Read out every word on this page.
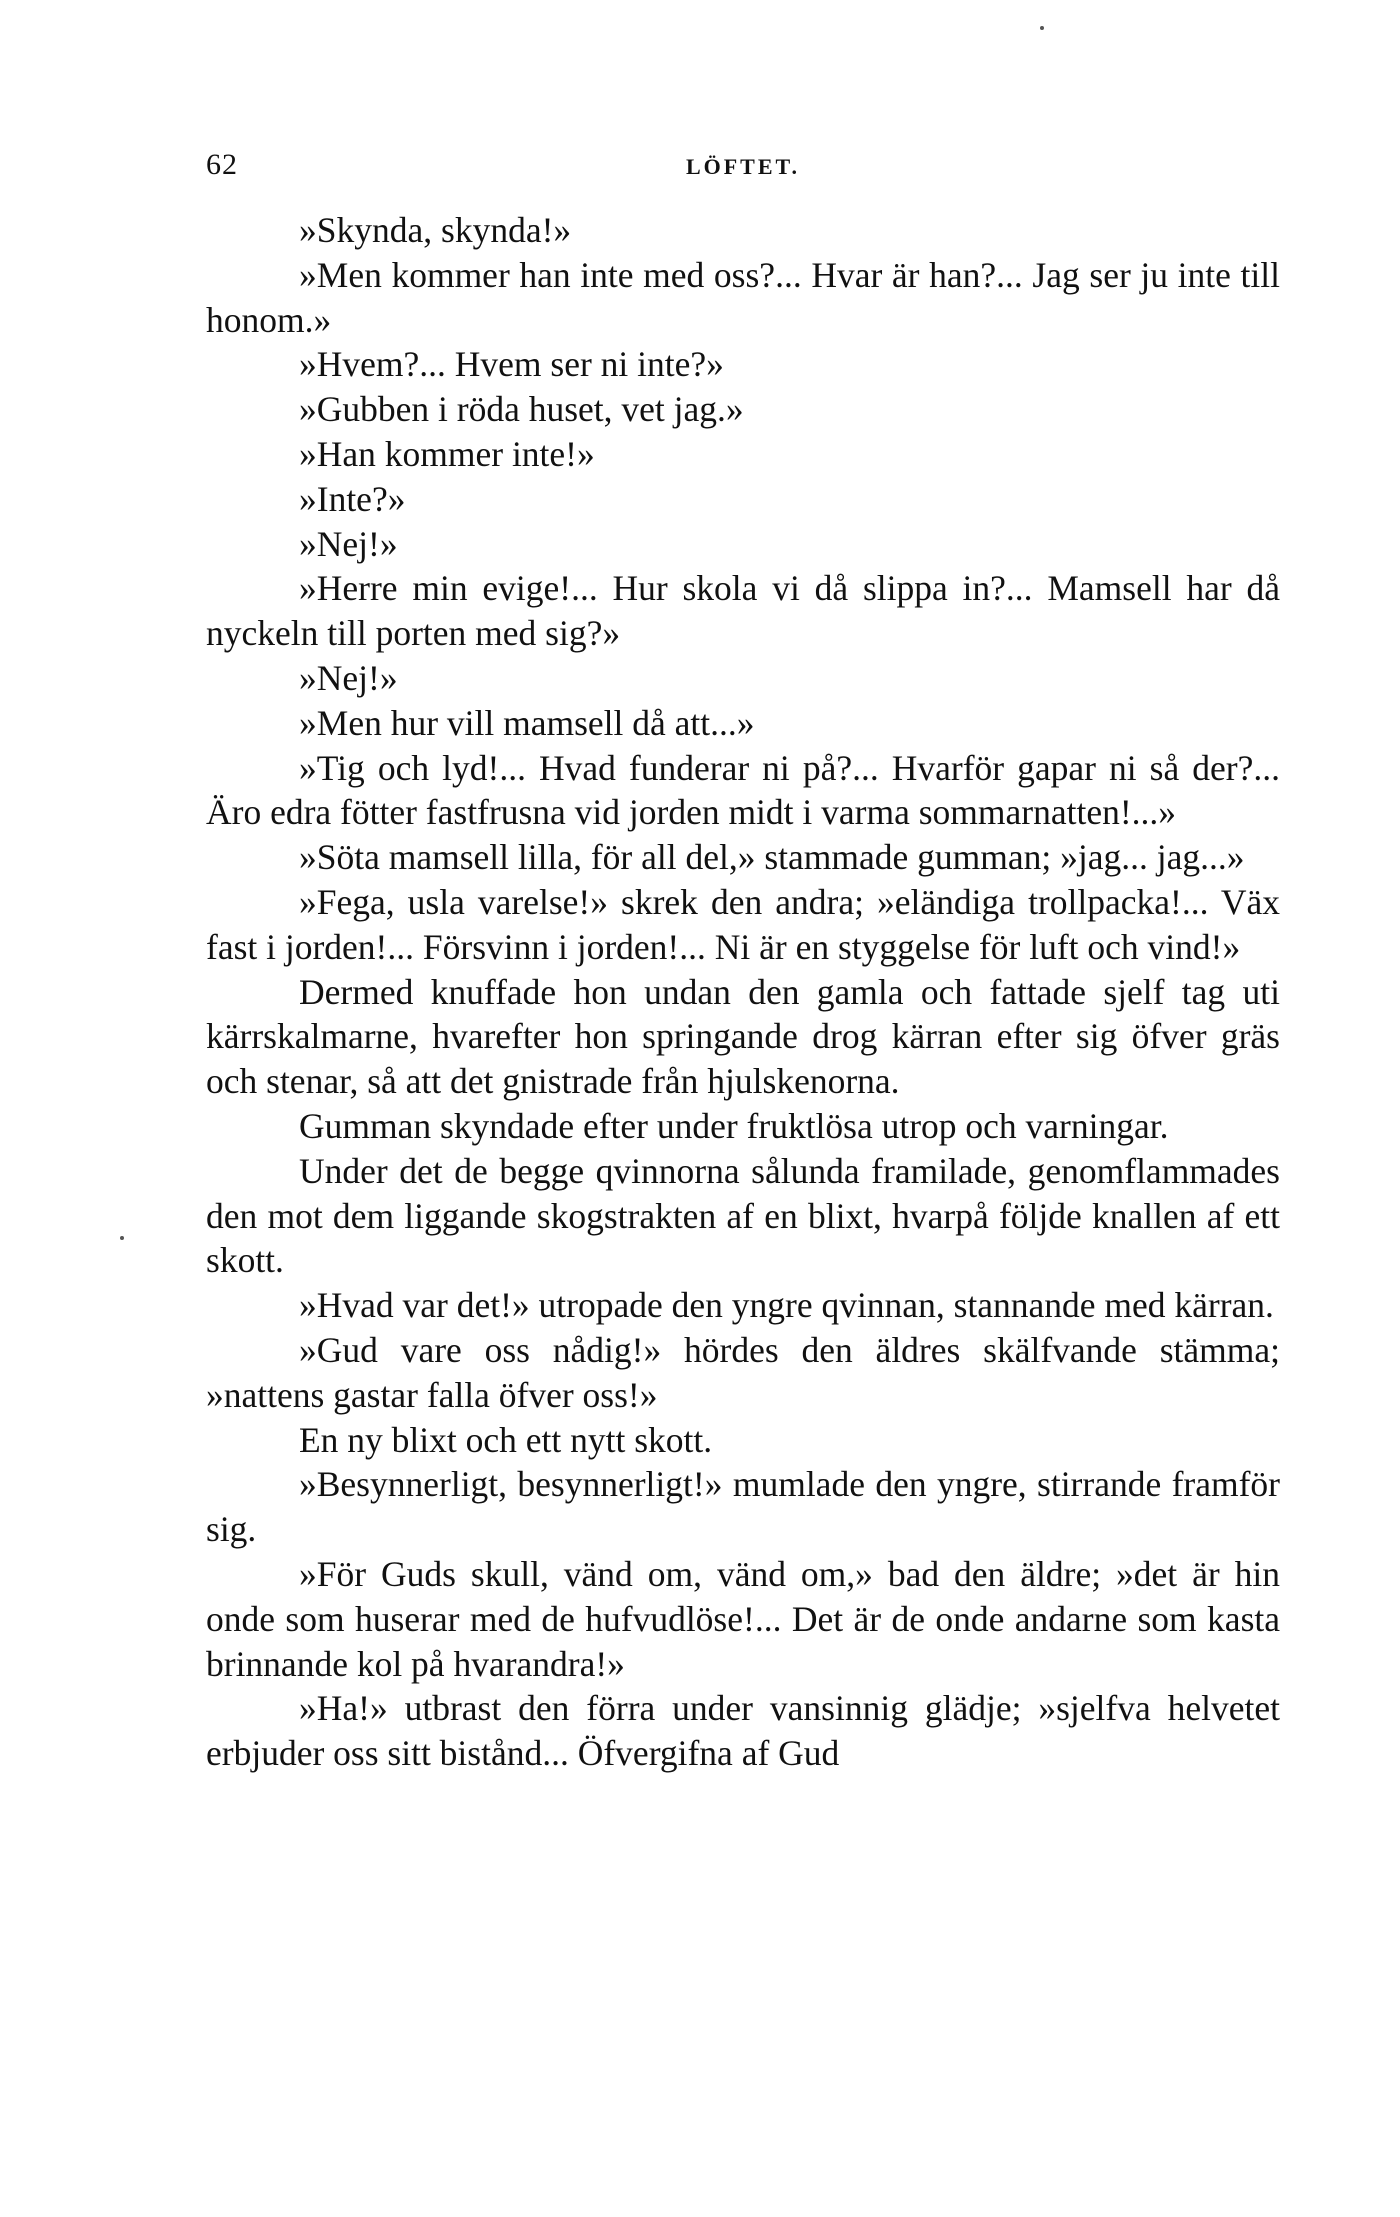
62	LÖFTET.

»Skynda, skynda!»

»Men kommer han inte med oss?... Hvar är han?... Jag ser ju inte till honom.»

»Hvem?... Hvem ser ni inte?»

»Gubben i röda huset, vet jag.»

»Han kommer inte!»

»Inte?»

»Nej!»

»Herre min evige!... Hur skola vi då slippa in?... Mamsell har då nyckeln till porten med sig?»

»Nej!»

»Men hur vill mamsell då att...»

»Tig och lyd!... Hvad funderar ni på?... Hvarför gapar ni så der?... Äro edra fötter fastfrusna vid jorden midt i varma sommarnatten!...»

»Söta mamsell lilla, för all del,» stammade gumman; »jag... jag...»

»Fega, usla varelse!» skrek den andra; »eländiga trollpacka!... Väx fast i jorden!... Försvinn i jorden!... Ni är en styggelse för luft och vind!»

Dermed knuffade hon undan den gamla och fattade sjelf tag uti kärrskalmarne, hvarefter hon springande drog kärran efter sig öfver gräs och stenar, så att det gnistrade från hjulskenorna.

Gumman skyndade efter under fruktlösa utrop och varningar.

Under det de begge qvinnorna sålunda framilade, genomflammades den mot dem liggande skogstrakten af en blixt, hvarpå följde knallen af ett skott.

»Hvad var det!» utropade den yngre qvinnan, stannande med kärran.

»Gud vare oss nådig!» hördes den äldres skälfvande stämma; »nattens gastar falla öfver oss!»

En ny blixt och ett nytt skott.

»Besynnerligt, besynnerligt!» mumlade den yngre, stirrande framför sig.

»För Guds skull, vänd om, vänd om,» bad den äldre; »det är hin onde som huserar med de hufvudlöse!... Det är de onde andarne som kasta brinnande kol på hvarandra!»

»Ha!» utbrast den förra under vansinnig glädje; »sjelfva helvetet erbjuder oss sitt bistånd... Öfvergifna af Gud
